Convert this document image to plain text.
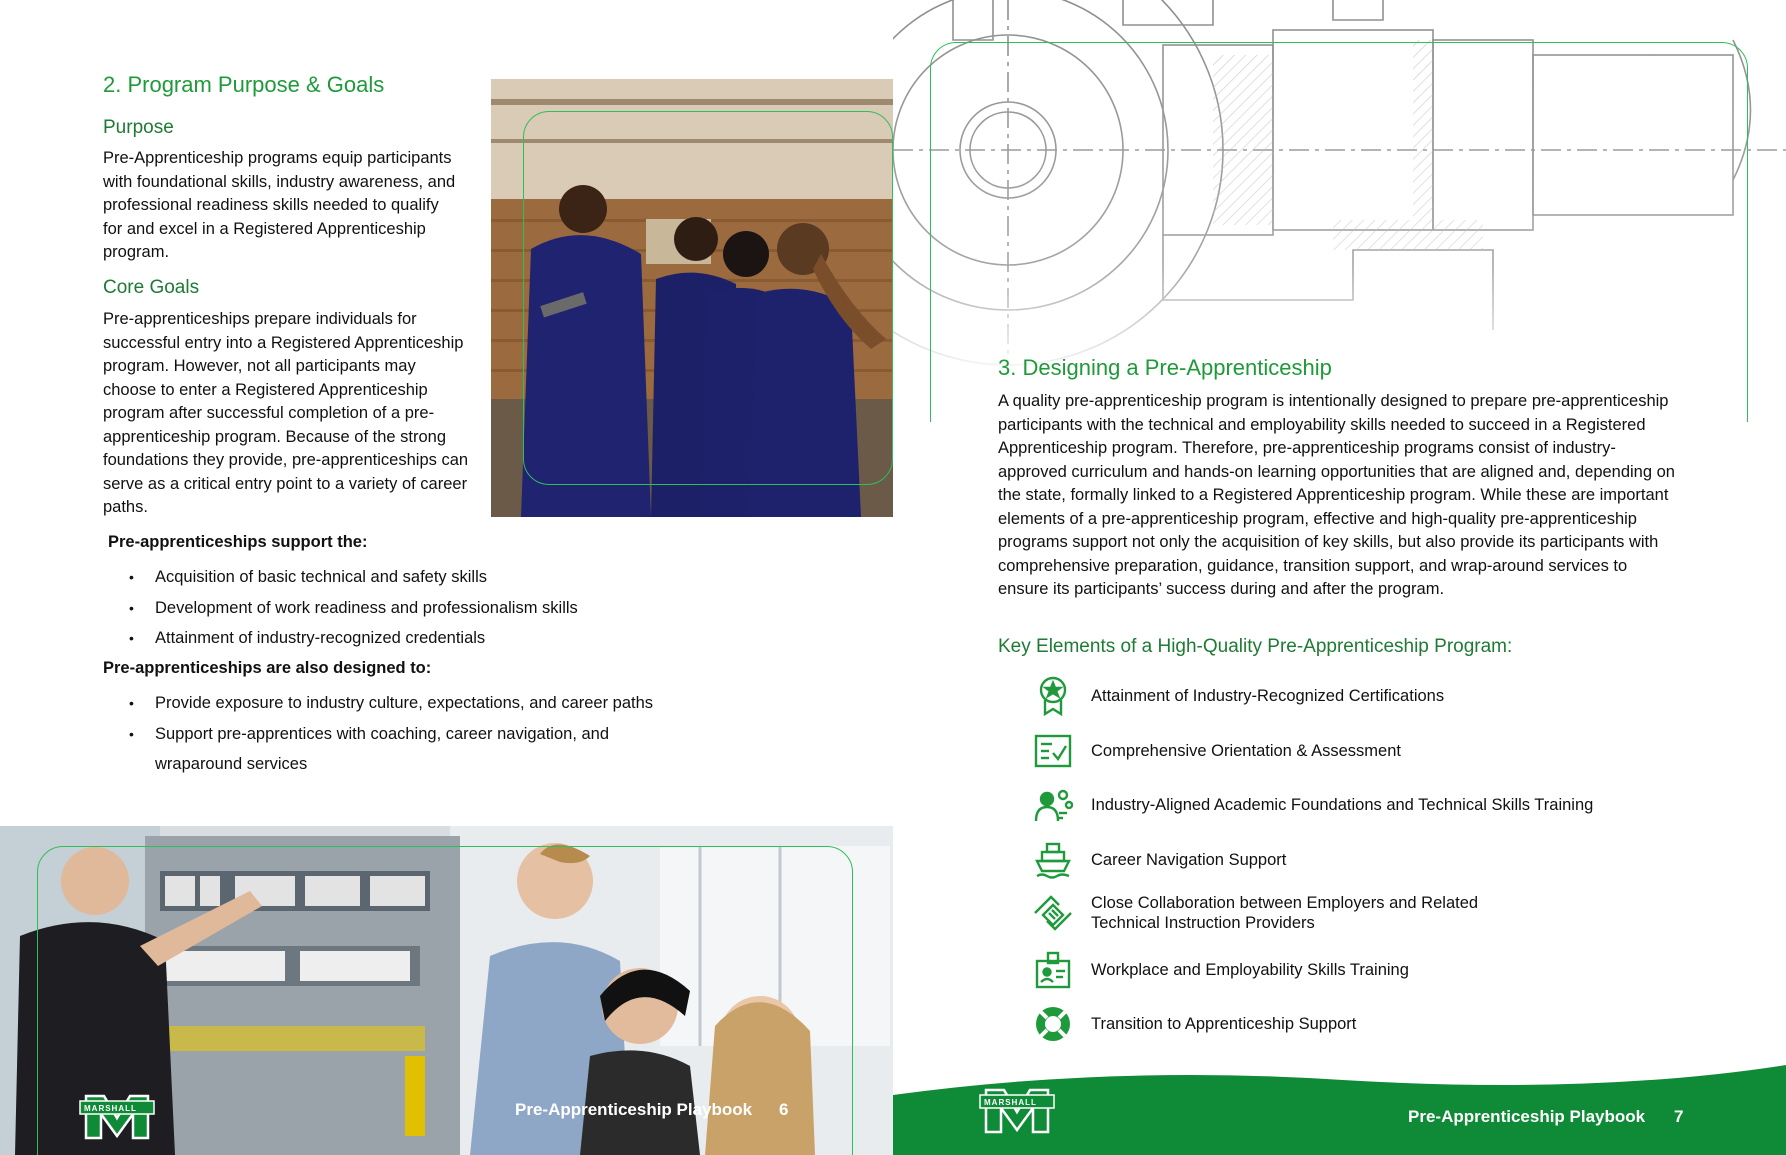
2. Program Purpose & Goals
Purpose

Pre-Apprenticeship programs equip participants with foundational skills, industry awareness, and professional readiness skills needed to qualify for and excel in a Registered Apprenticeship program.

Core Goals

Pre-apprenticeships prepare individuals for successful entry into a Registered Apprenticeship program. However, not all participants may choose to enter a Registered Apprenticeship program after successful completion of a pre-apprenticeship program. Because of the strong foundations they provide, pre-apprenticeships can serve as a critical entry point to a variety of career paths.

Pre-apprenticeships support the:

• Acquisition of basic technical and safety skills
• Development of work readiness and professionalism skills
• Attainment of industry-recognized credentials

Pre-apprenticeships are also designed to:

• Provide exposure to industry culture, expectations, and career paths
• Support pre-apprentices with coaching, career navigation, and wraparound services
MARSHALL	Pre-Apprenticeship Playbook 6
3. Designing a Pre-Apprenticeship

A quality pre-apprenticeship program is intentionally designed to prepare pre-apprenticeship participants with the technical and employability skills needed to succeed in a Registered Apprenticeship program. Therefore, pre-apprenticeship programs consist of industry-approved curriculum and hands-on learning opportunities that are aligned and, depending on the state, formally linked to a Registered Apprenticeship program. While these are important elements of a pre-apprenticeship program, effective and high-quality pre-apprenticeship programs support not only the acquisition of key skills, but also provide its participants with comprehensive preparation, guidance, transition support, and wrap-around services to ensure its participants’ success during and after the program.

Key Elements of a High-Quality Pre-Apprenticeship Program:
Attainment of Industry-Recognized Certifications
Comprehensive Orientation & Assessment
Industry-Aligned Academic Foundations and Technical Skills Training
Career Navigation Support
Close Collaboration between Employers and Related Technical Instruction Providers
Workplace and Employability Skills Training
Transition to Apprenticeship Support
MARSHALL
Pre-Apprenticeship Playbook 7
